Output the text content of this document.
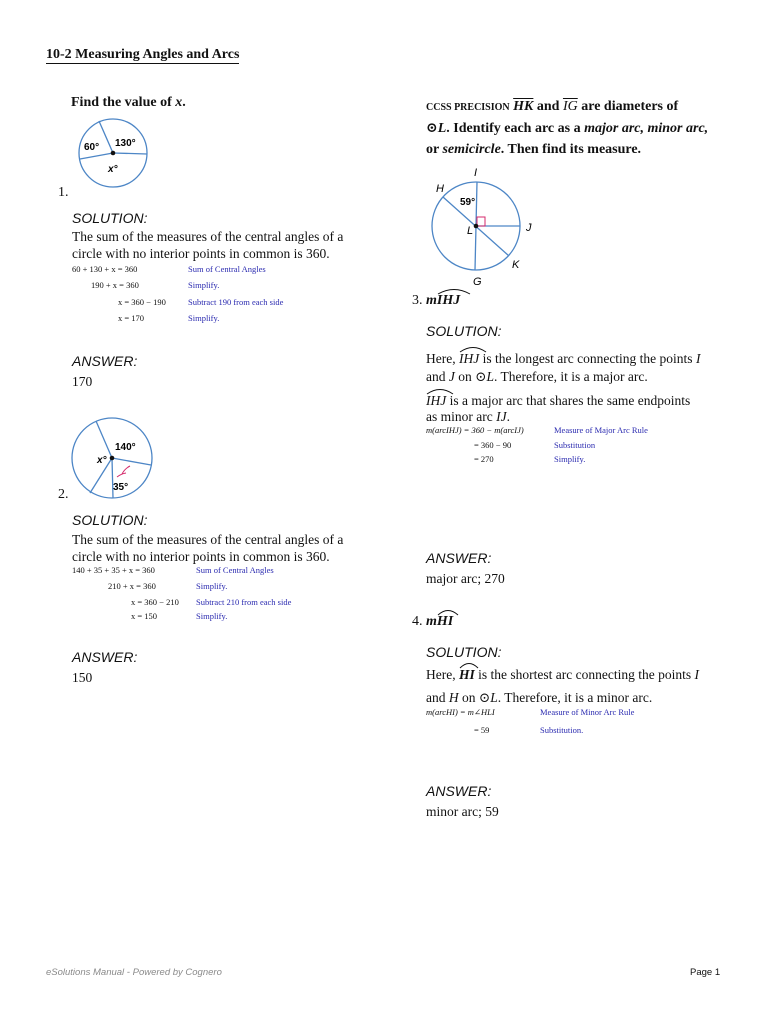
10-2 Measuring Angles and Arcs
Find the value of x.
60° 130°
x°
1.
SOLUTION:
The sum of the measures of the central angles of a circle with no interior points in common is 360.
60 + 130 + x = 360	Sum of Central Angles
190 + x = 360	Simplify.
x = 360 − 190	Subtract 190 from each side
x = 170	Simplify.
ANSWER:
170
140°
x°
35°
2.
SOLUTION:
The sum of the measures of the central angles of a circle with no interior points in common is 360.
140 + 35 + 35 + x = 360	Sum of Central Angles
210 + x = 360	Simplify.
x = 360 − 210 Subtract 210 from each side
x = 150	Simplify.
ANSWER:
150
CCSS PRECISION $\overline{HK}$ and $\overline{IG}$ are diameters of
⊙L. Identify each arc as a major arc, minor arc,
or semicircle. Then find its measure.
I
H
59°
L	J
K
G
3. m
IHJ
SOLUTION:
Here, IHJ is the longest arc connecting the points I
and J on ⊙L. Therefore, it is a major arc.
IHJ is a major arc that shares the same endpoints
as minor arc IJ.
m(arcIHJ) = 360 − m(arcIJ)	Measure of Major Arc Rule
= 360 − 90	Substitution
= 270	Simplify.
ANSWER:
major arc; 270
4. m
HI
SOLUTION:
Here, HI is the shortest arc connecting the points I
and H on ⊙L. Therefore, it is a minor arc.
m(arcHI) = m∠HLI	Measure of Minor Arc Rule
= 59	Substitution.
ANSWER:
minor arc; 59
eSolutions Manual - Powered by Cognero	Page 1
